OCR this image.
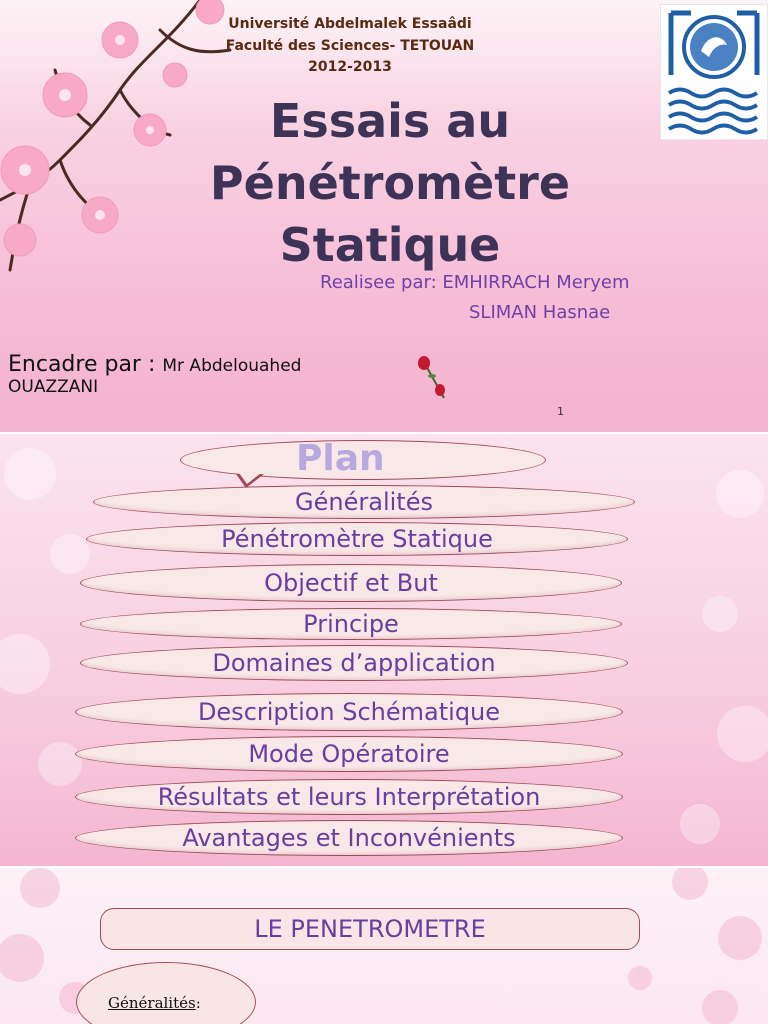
Université Abdelmalek Essaâdi
Faculté des Sciences- TETOUAN
2012-2013
Essais au
Pénétromètre
Statique
Realisee par: EMHIRRACH Meryem
SLIMAN Hasnae
Encadre par : Mr Abdelouahed
OUAZZANI
1
Plan
Généralités
Pénétromètre Statique
Objectif et But
Principe
Domaines d’application
Description Schématique
Mode Opératoire
Résultats et leurs Interprétation
Avantages et Inconvénients
LE PENETROMETRE
Généralités:
